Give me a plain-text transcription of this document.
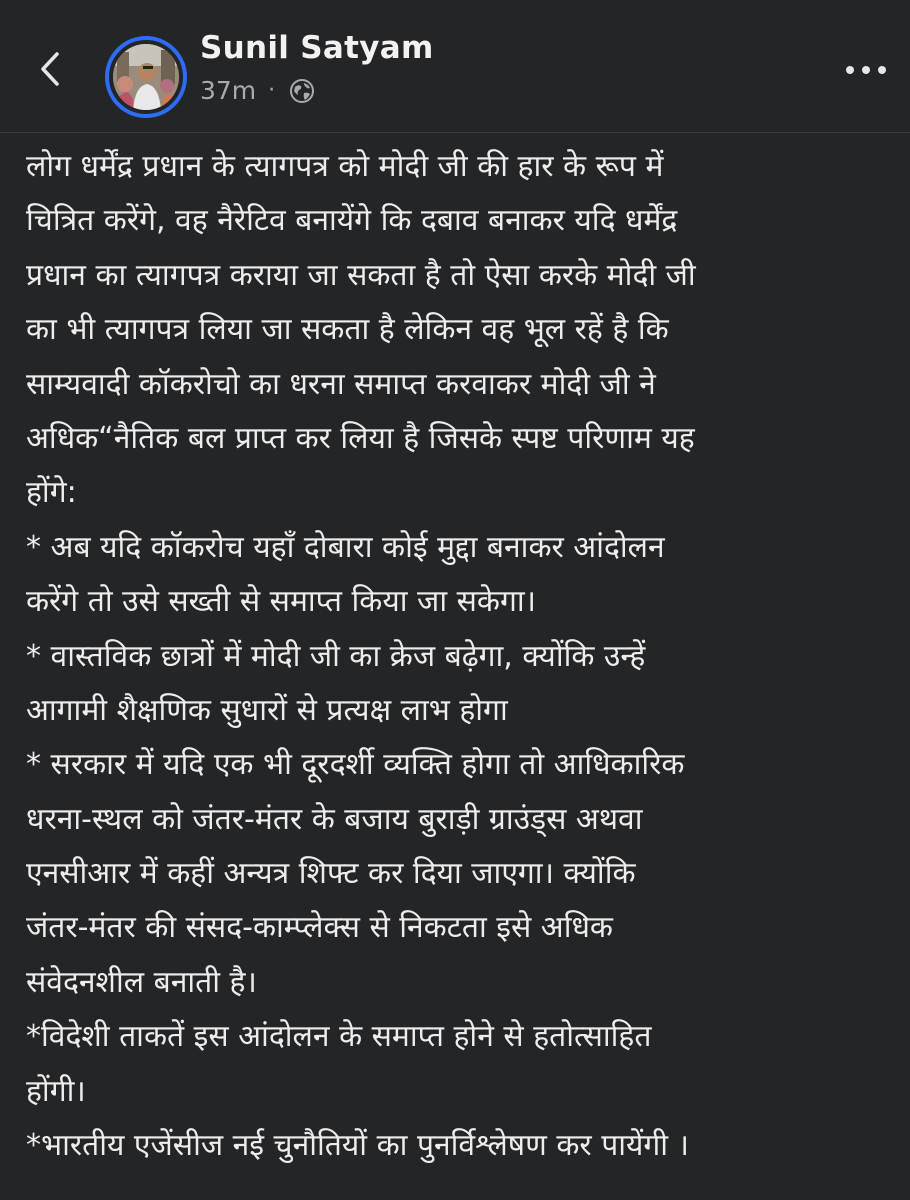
Sunil Satyam
37m ·
लोग धर्मेंद्र प्रधान के त्यागपत्र को मोदी जी की हार के रूप में
चित्रित करेंगे, वह नैरेटिव बनायेंगे कि दबाव बनाकर यदि धर्मेंद्र
प्रधान का त्यागपत्र कराया जा सकता है तो ऐसा करके मोदी जी
का भी त्यागपत्र लिया जा सकता है लेकिन वह भूल रहें है कि
साम्यवादी कॉकरोचो का धरना समाप्त करवाकर मोदी जी ने
अधिक“नैतिक बल प्राप्त कर लिया है जिसके स्पष्ट परिणाम यह
होंगे:
* अब यदि कॉकरोच यहाँ दोबारा कोई मुद्दा बनाकर आंदोलन
करेंगे तो उसे सख्ती से समाप्त किया जा सकेगा।
* वास्तविक छात्रों में मोदी जी का क्रेज बढ़ेगा, क्योंकि उन्हें
आगामी शैक्षणिक सुधारों से प्रत्यक्ष लाभ होगा
* सरकार में यदि एक भी दूरदर्शी व्यक्ति होगा तो आधिकारिक
धरना-स्थल को जंतर-मंतर के बजाय बुराड़ी ग्राउंड्स अथवा
एनसीआर में कहीं अन्यत्र शिफ्ट कर दिया जाएगा। क्योंकि
जंतर-मंतर की संसद-काम्प्लेक्स से निकटता इसे अधिक
संवेदनशील बनाती है।
*विदेशी ताकतें इस आंदोलन के समाप्त होने से हतोत्साहित
होंगी।
*भारतीय एजेंसीज नई चुनौतियों का पुनर्विश्लेषण कर पायेंगी ।
